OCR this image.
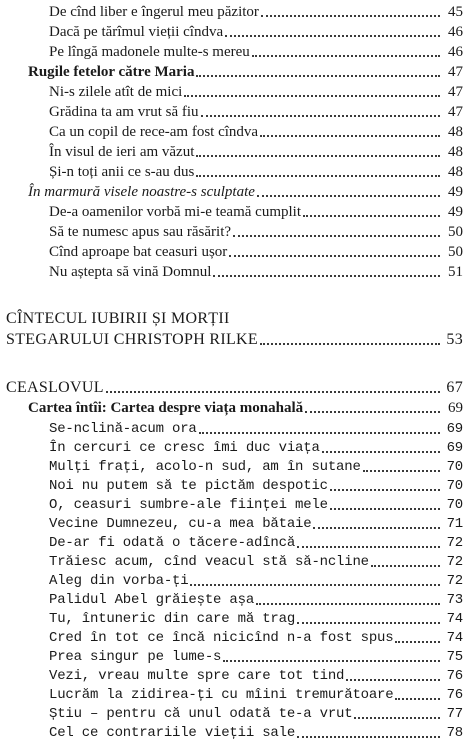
De cînd liber e îngerul meu păzitor	45
Dacă pe tărîmul vieții cîndva	46
Pe lîngă madonele multe-s mereu	46
Rugile fetelor către Maria	47
Ni-s zilele atît de mici	47
Grădina ta am vrut să fiu	47
Ca un copil de rece-am fost cîndva	48
În visul de ieri am văzut	48
Și-n toți anii ce s-au dus	48
În marmură visele noastre-s sculptate	49
De-a oamenilor vorbă mi-e teamă cumplit	49
Să te numesc apus sau răsărit?	50
Cînd aproape bat ceasuri ușor	50
Nu aștepta să vină Domnul	51
CÎNTECUL IUBIRII ȘI MORȚII
STEGARULUI CHRISTOPH RILKE	53
CEASLOVUL	67
Cartea întîi: Cartea despre viața monahală	69
Se-nclină-acum ora	69
În cercuri ce cresc îmi duc viața	69
Mulți frați, acolo-n sud, am în sutane	70
Noi nu putem să te pictăm despotic	70
O, ceasuri sumbre-ale ființei mele	70
Vecine Dumnezeu, cu-a mea bătaie	71
De-ar fi odată o tăcere-adîncă	72
Trăiesc acum, cînd veacul stă să-ncline	72
Aleg din vorba-ți	72
Palidul Abel grăiește așa	73
Tu, întuneric din care mă trag	74
Cred în tot ce încă nicicînd n-a fost spus	74
Prea singur pe lume-s	75
Vezi, vreau multe spre care tot tind	76
Lucrăm la zidirea-ți cu mîini tremurătoare	76
Știu – pentru că unul odată te-a vrut	77
Cel ce contrariile vieții sale	78
